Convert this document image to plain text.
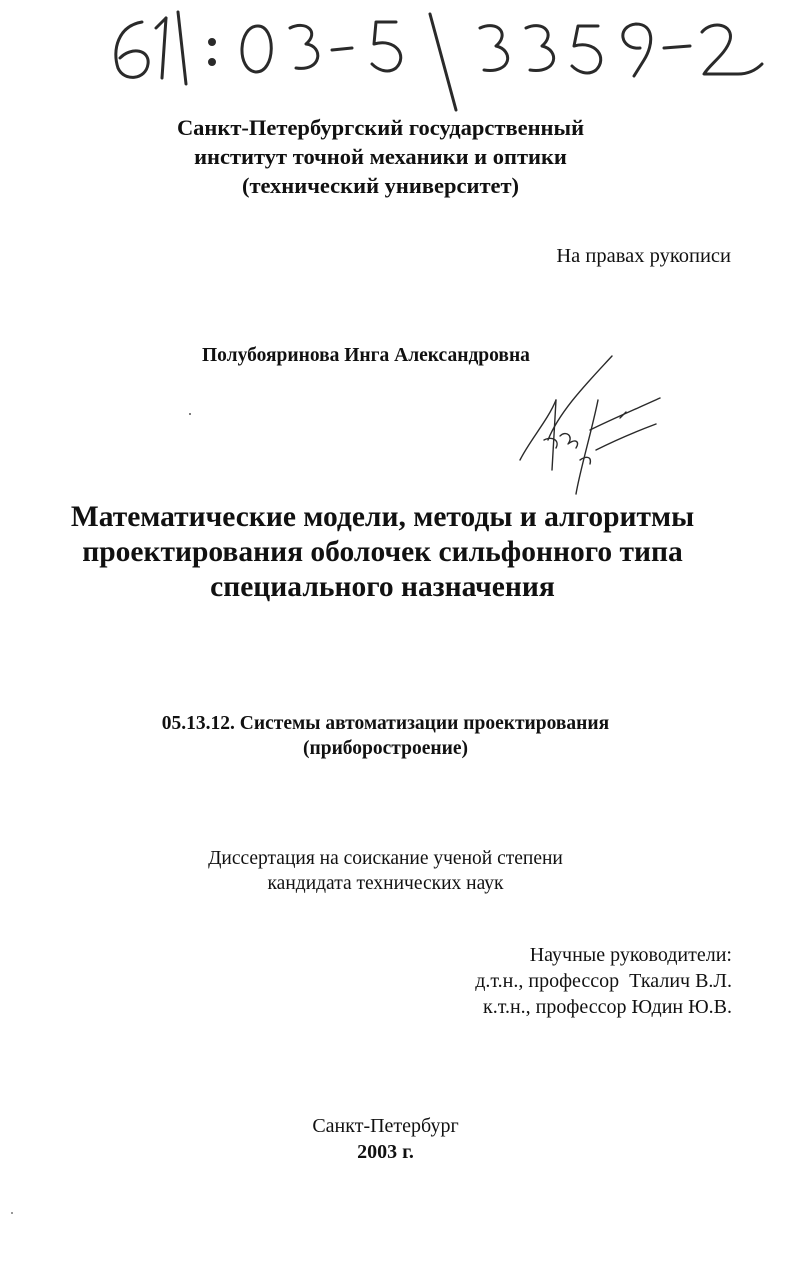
Санкт-Петербургский государственный
институт точной механики и оптики
(технический университет)
На правах рукописи
Полубояринова Инга Александровна
Математические модели, методы и алгоритмы
проектирования оболочек сильфонного типа
специального назначения
05.13.12. Системы автоматизации проектирования
(приборостроение)
Диссертация на соискание ученой степени
кандидата технических наук
Научные руководители:
д.т.н., профессор  Ткалич В.Л.
к.т.н., профессор Юдин Ю.В.
Санкт-Петербург
2003 г.
